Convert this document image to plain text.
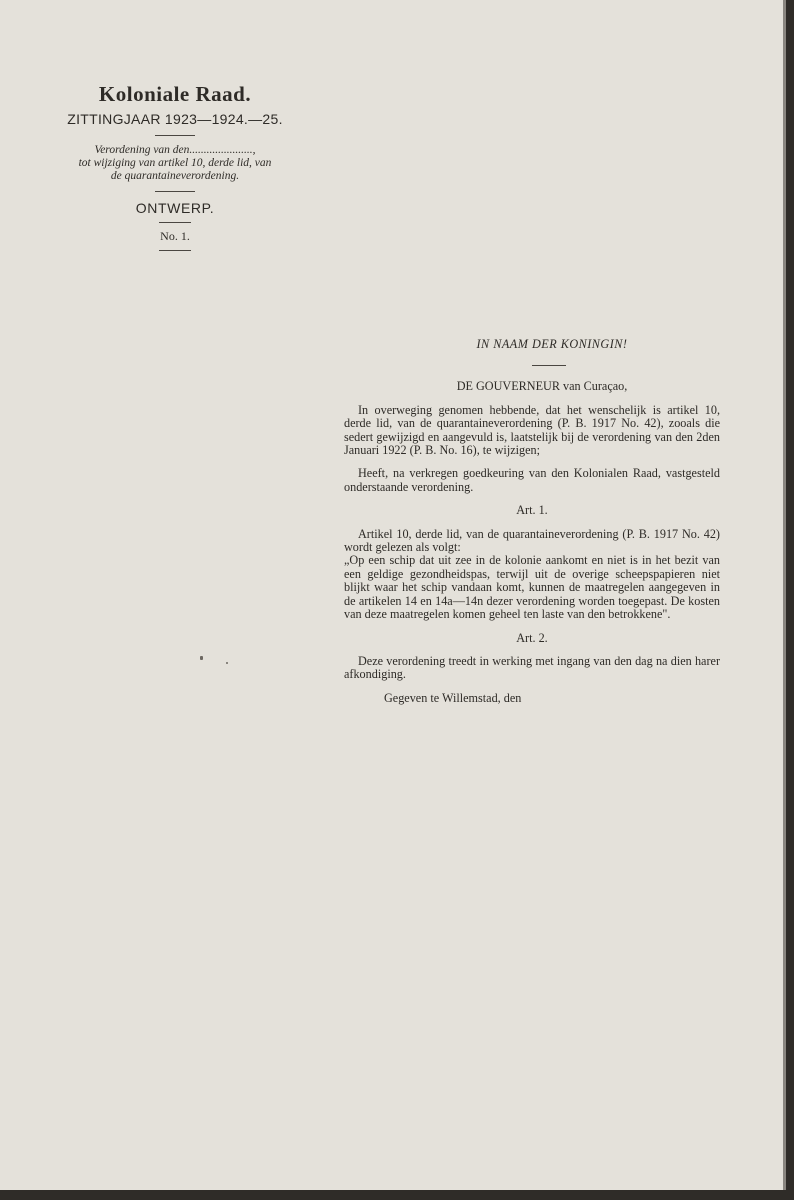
Koloniale Raad.
ZITTINGJAAR 1923—1924.—25.
Verordening van den......................,
tot wijziging van artikel 10, derde lid, van
de quarantaineverordening.
ONTWERP.
No. 1.
IN NAAM DER KONINGIN!
DE GOUVERNEUR van Curaçao,

In overweging genomen hebbende, dat het wenschelijk is artikel 10, derde lid, van de quarantaineverordening (P. B. 1917 No. 42), zooals die sedert gewijzigd en aangevuld is, laatstelijk bij de verordening van den 2den Januari 1922 (P. B. No. 16), te wijzigen;

Heeft, na verkregen goedkeuring van den Kolonialen Raad, vastgesteld onderstaande verordening.

Art. 1.

Artikel 10, derde lid, van de quarantaineverordening (P. B. 1917 No. 42) wordt gelezen als volgt:

„Op een schip dat uit zee in de kolonie aankomt en niet is in het bezit van een geldige gezondheidspas, terwijl uit de overige scheepspapieren niet blijkt waar het schip vandaan komt, kunnen de maatregelen aangegeven in de artikelen 14 en 14a—14n dezer verordening worden toegepast. De kosten van deze maatregelen komen geheel ten laste van den betrokkene".

Art. 2.

Deze verordening treedt in werking met ingang van den dag na dien harer afkondiging.

Gegeven te Willemstad, den
